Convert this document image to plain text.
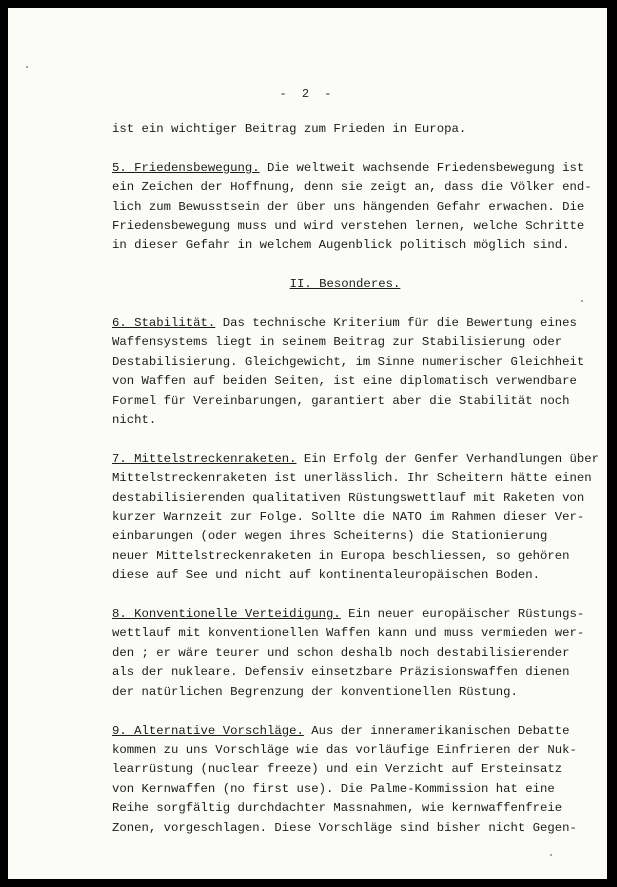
- 2 -
ist ein wichtiger Beitrag zum Frieden in Europa.
5. Friedensbewegung. Die weltweit wachsende Friedensbewegung ist
ein Zeichen der Hoffnung, denn sie zeigt an, dass die Völker end-
lich zum Bewusstsein der über uns hängenden Gefahr erwachen. Die
Friedensbewegung muss und wird verstehen lernen, welche Schritte
in dieser Gefahr in welchem Augenblick politisch möglich sind.
II. Besonderes.
6. Stabilität. Das technische Kriterium für die Bewertung eines
Waffensystems liegt in seinem Beitrag zur Stabilisierung oder
Destabilisierung. Gleichgewicht, im Sinne numerischer Gleichheit
von Waffen auf beiden Seiten, ist eine diplomatisch verwendbare
Formel für Vereinbarungen, garantiert aber die Stabilität noch
nicht.
7. Mittelstreckenraketen. Ein Erfolg der Genfer Verhandlungen über
Mittelstreckenraketen ist unerlässlich. Ihr Scheitern hätte einen
destabilisierenden qualitativen Rüstungswettlauf mit Raketen von
kurzer Warnzeit zur Folge. Sollte die NATO im Rahmen dieser Ver-
einbarungen (oder wegen ihres Scheiterns) die Stationierung
neuer Mittelstreckenraketen in Europa beschliessen, so gehören
diese auf See und nicht auf kontinentaleuropäischen Boden.
8. Konventionelle Verteidigung. Ein neuer europäischer Rüstungs-
wettlauf mit konventionellen Waffen kann und muss vermieden wer-
den ; er wäre teurer und schon deshalb noch destabilisierender
als der nukleare. Defensiv einsetzbare Präzisionswaffen dienen
der natürlichen Begrenzung der konventionellen Rüstung.
9. Alternative Vorschläge. Aus der inneramerikanischen Debatte
kommen zu uns Vorschläge wie das vorläufige Einfrieren der Nuk-
learrüstung (nuclear freeze) und ein Verzicht auf Ersteinsatz
von Kernwaffen (no first use). Die Palme-Kommission hat eine
Reihe sorgfältig durchdachter Massnahmen, wie kernwaffenfreie
Zonen, vorgeschlagen. Diese Vorschläge sind bisher nicht Gegen-
